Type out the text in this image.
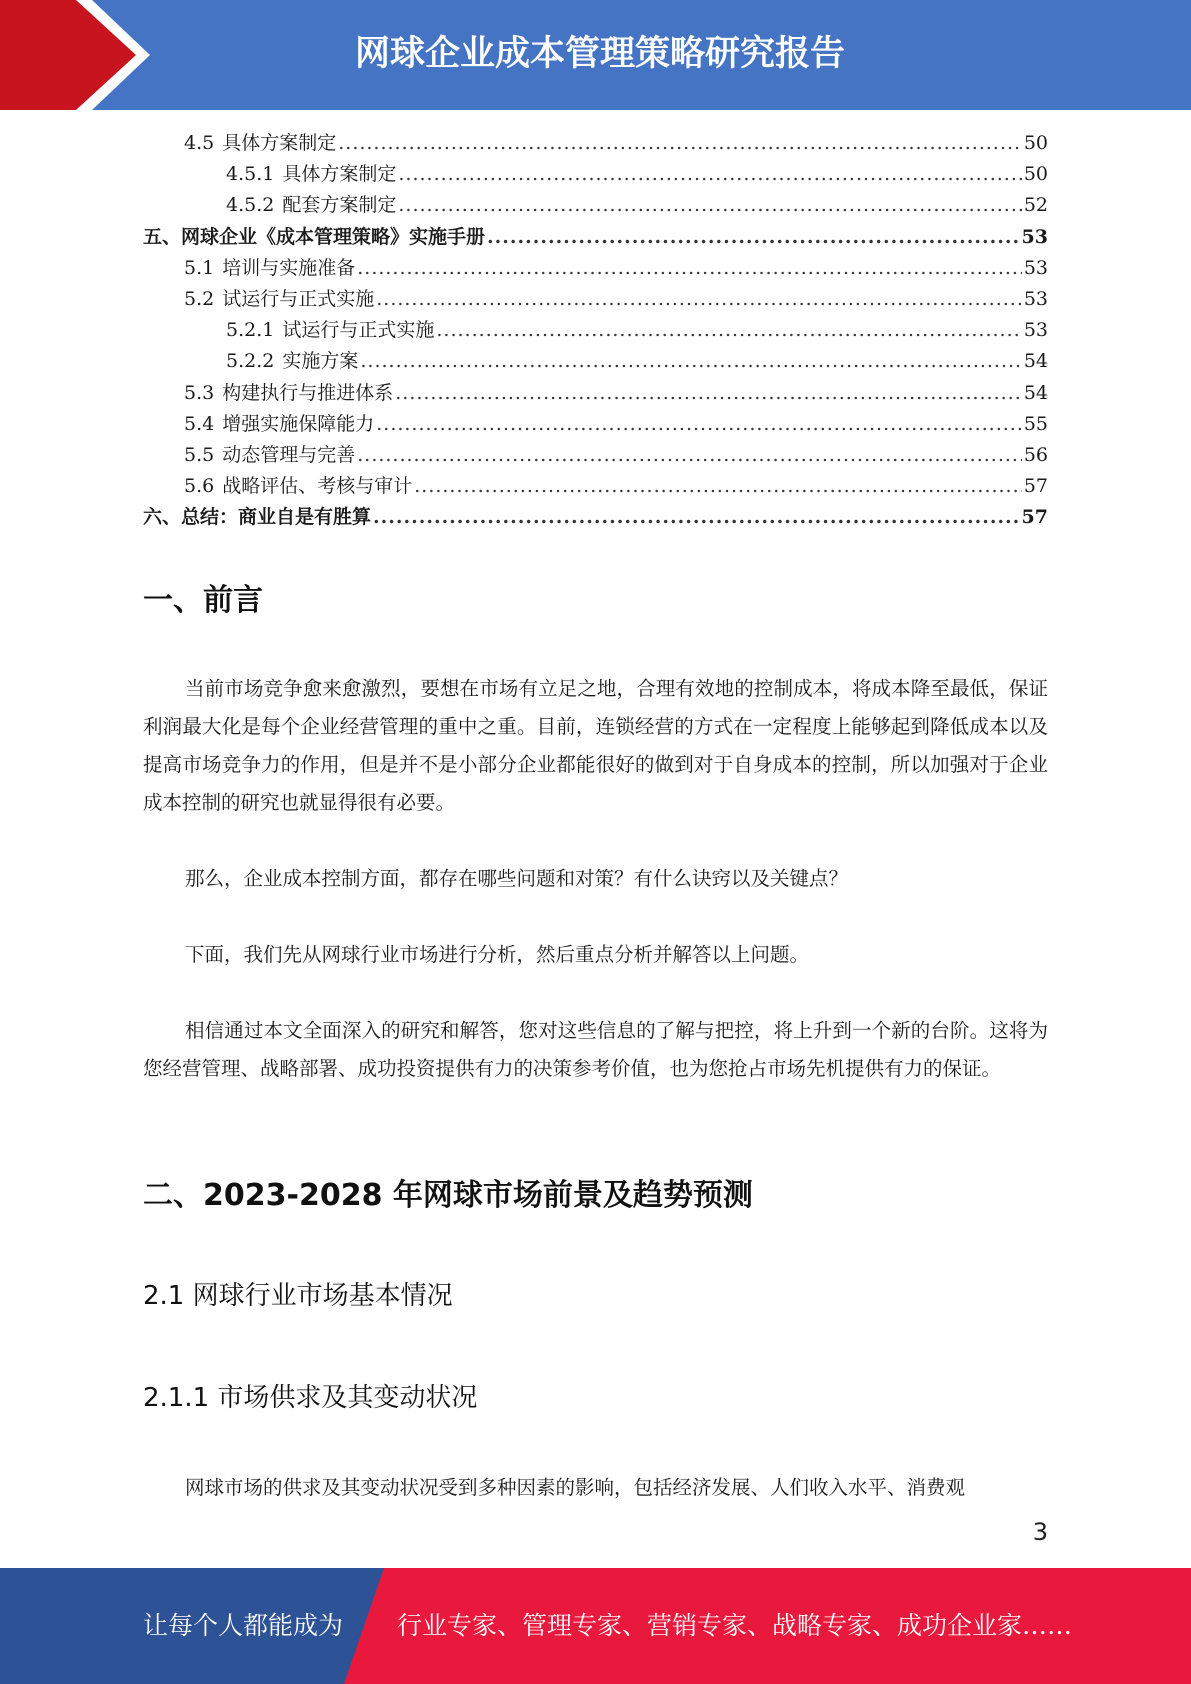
网球企业成本管理策略研究报告
4.5 具体方案制定 .....	50
4.5.1 具体方案制定 .....	50
4.5.2 配套方案制定 .....	52
五、 网球企业《成本管理策略》实施手册 .....	53
5.1 培训与实施准备 .....	53
5.2 试运行与正式实施 .....	53
5.2.1 试运行与正式实施 .....	53
5.2.2 实施方案 .....	54
5.3 构建执行与推进体系 .....	54
5.4 增强实施保障能力 .....	55
5.5 动态管理与完善 .....	56
5.6 战略评估、考核与审计 .....	57
六、 总结：商业自是有胜算 .....	57
一、前言
当前市场竞争愈来愈激烈，要想在市场有立足之地，合理有效地的控制成本，将成本降至最低，保证利润最大化是每个企业经营管理的重中之重。目前，连锁经营的方式在一定程度上能够起到降低成本以及提高市场竞争力的作用，但是并不是小部分企业都能很好的做到对于自身成本的控制，所以加强对于企业成本控制的研究也就显得很有必要。
那么，企业成本控制方面，都存在哪些问题和对策？有什么诀窍以及关键点？
下面，我们先从网球行业市场进行分析，然后重点分析并解答以上问题。
相信通过本文全面深入的研究和解答，您对这些信息的了解与把控，将上升到一个新的台阶。这将为您经营管理、战略部署、成功投资提供有力的决策参考价值，也为您抢占市场先机提供有力的保证。
二、2023-2028 年网球市场前景及趋势预测
2.1 网球行业市场基本情况
2.1.1 市场供求及其变动状况
网球市场的供求及其变动状况受到多种因素的影响，包括经济发展、人们收入水平、消费观
3
让每个人都能成为 行业专家、管理专家、营销专家、战略专家、成功企业家……
